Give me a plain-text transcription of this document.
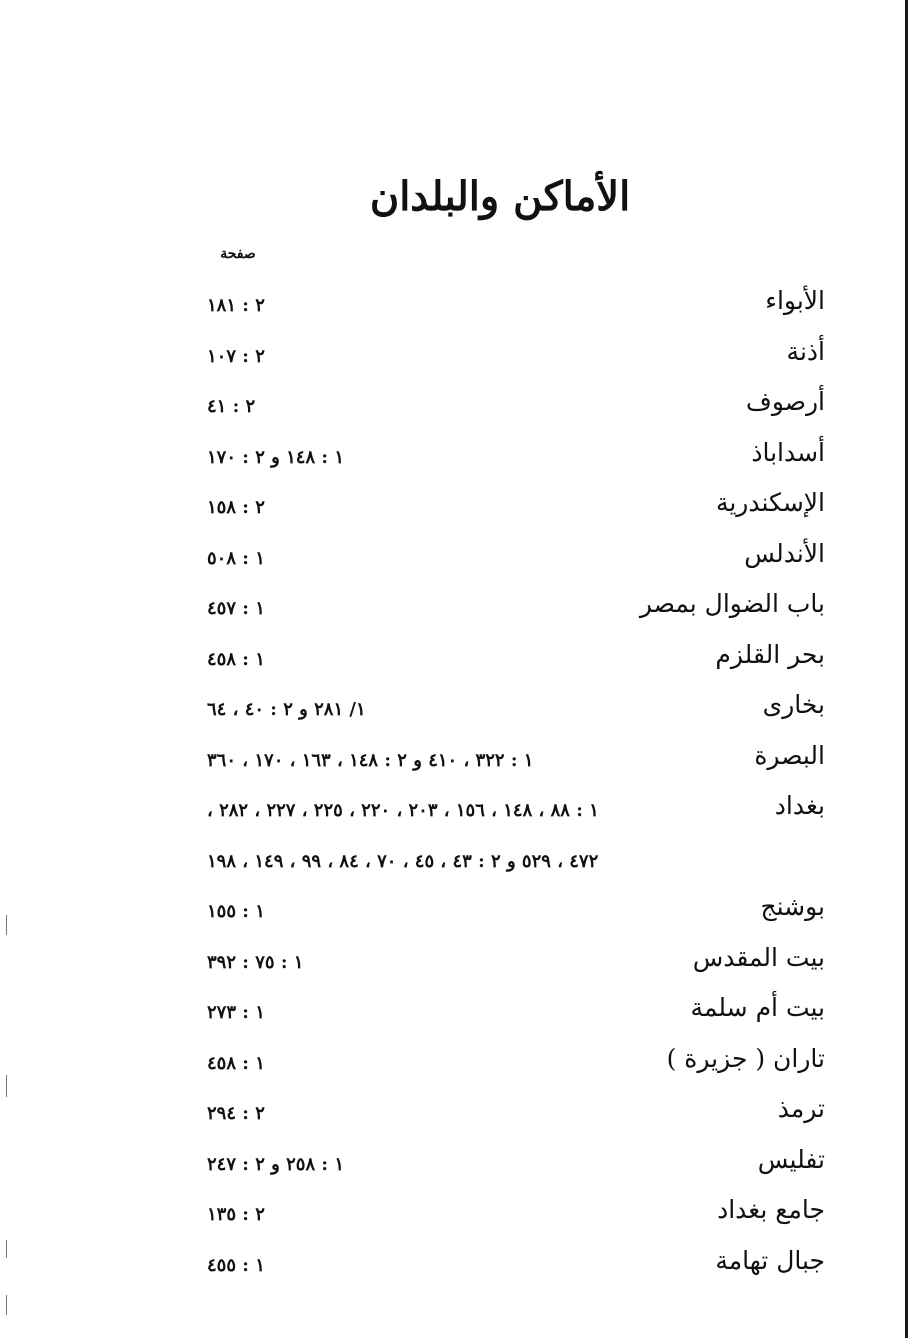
الأماكن والبلدان
صفحة
الأبواء
٢ : ١٨١
أذنة
٢ : ١٠٧
أرصوف
٢ : ٤١
أسداباذ
١ : ١٤٨ و ٢ : ١٧٠
الإسكندرية
٢ : ١٥٨
الأندلس
١ : ٥٠٨
باب الضوال بمصر
١ : ٤٥٧
بحر القلزم
١ : ٤٥٨
بخارى
١/ ٢٨١ و ٢ : ٤٠ ، ٦٤
البصرة
١ : ٣٢٢ ، ٤١٠ و ٢ : ١٤٨ ، ١٦٣ ، ١٧٠ ، ٣٦٠
بغداد
١ : ٨٨ ، ١٤٨ ، ١٥٦ ، ٢٠٣ ، ٢٢٠ ، ٢٢٥ ، ٢٢٧ ، ٢٨٢ ،
٤٧٢ ، ٥٢٩ و ٢ : ٤٣ ، ٤٥ ، ٧٠ ، ٨٤ ، ٩٩ ، ١٤٩ ، ١٩٨
بوشنج
١ : ١٥٥
بيت المقدس
١ : ٧٥ : ٣٩٢
بيت أم سلمة
١ : ٢٧٣
تاران ( جزيرة )
١ : ٤٥٨
ترمذ
٢ : ٢٩٤
تفليس
١ : ٢٥٨ و ٢ : ٢٤٧
جامع بغداد
٢ : ١٣٥
جبال تهامة
١ : ٤٥٥
